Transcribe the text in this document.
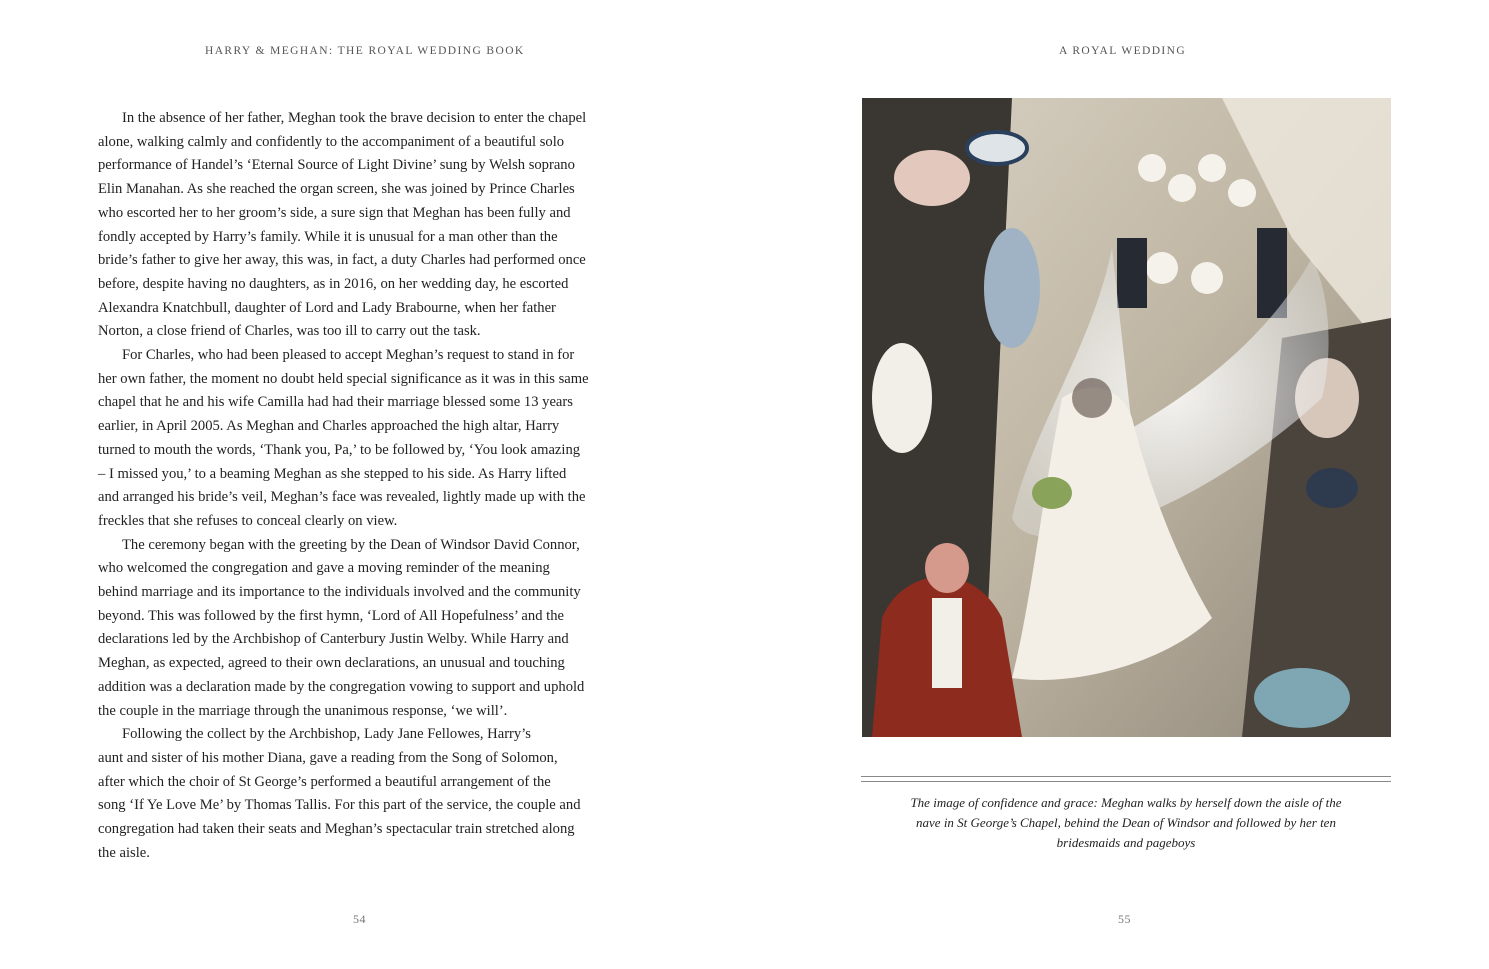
HARRY & MEGHAN: THE ROYAL WEDDING BOOK

In the absence of her father, Meghan took the brave decision to enter the chapel
alone, walking calmly and confidently to the accompaniment of a beautiful solo
performance of Handel’s ‘Eternal Source of Light Divine’ sung by Welsh soprano
Elin Manahan. As she reached the organ screen, she was joined by Prince Charles
who escorted her to her groom’s side, a sure sign that Meghan has been fully and
fondly accepted by Harry’s family. While it is unusual for a man other than the
bride’s father to give her away, this was, in fact, a duty Charles had performed once
before, despite having no daughters, as in 2016, on her wedding day, he escorted
Alexandra Knatchbull, daughter of Lord and Lady Brabourne, when her father
Norton, a close friend of Charles, was too ill to carry out the task.

For Charles, who had been pleased to accept Meghan’s request to stand in for
her own father, the moment no doubt held special significance as it was in this same
chapel that he and his wife Camilla had had their marriage blessed some 13 years
earlier, in April 2005. As Meghan and Charles approached the high altar, Harry
turned to mouth the words, ‘Thank you, Pa,’ to be followed by, ‘You look amazing
– I missed you,’ to a beaming Meghan as she stepped to his side. As Harry lifted
and arranged his bride’s veil, Meghan’s face was revealed, lightly made up with the
freckles that she refuses to conceal clearly on view.

The ceremony began with the greeting by the Dean of Windsor David Connor,
who welcomed the congregation and gave a moving reminder of the meaning
behind marriage and its importance to the individuals involved and the community
beyond. This was followed by the first hymn, ‘Lord of All Hopefulness’ and the
declarations led by the Archbishop of Canterbury Justin Welby. While Harry and
Meghan, as expected, agreed to their own declarations, an unusual and touching
addition was a declaration made by the congregation vowing to support and uphold
the couple in the marriage through the unanimous response, ‘we will’.

Following the collect by the Archbishop, Lady Jane Fellowes, Harry’s
aunt and sister of his mother Diana, gave a reading from the Song of Solomon,
after which the choir of St George’s performed a beautiful arrangement of the
song ‘If Ye Love Me’ by Thomas Tallis. For this part of the service, the couple and
congregation had taken their seats and Meghan’s spectacular train stretched along
the aisle.

54
A ROYAL WEDDING
The image of confidence and grace: Meghan walks by herself down the aisle of the
nave in St George’s Chapel, behind the Dean of Windsor and followed by her ten
bridesmaids and pageboys
55
